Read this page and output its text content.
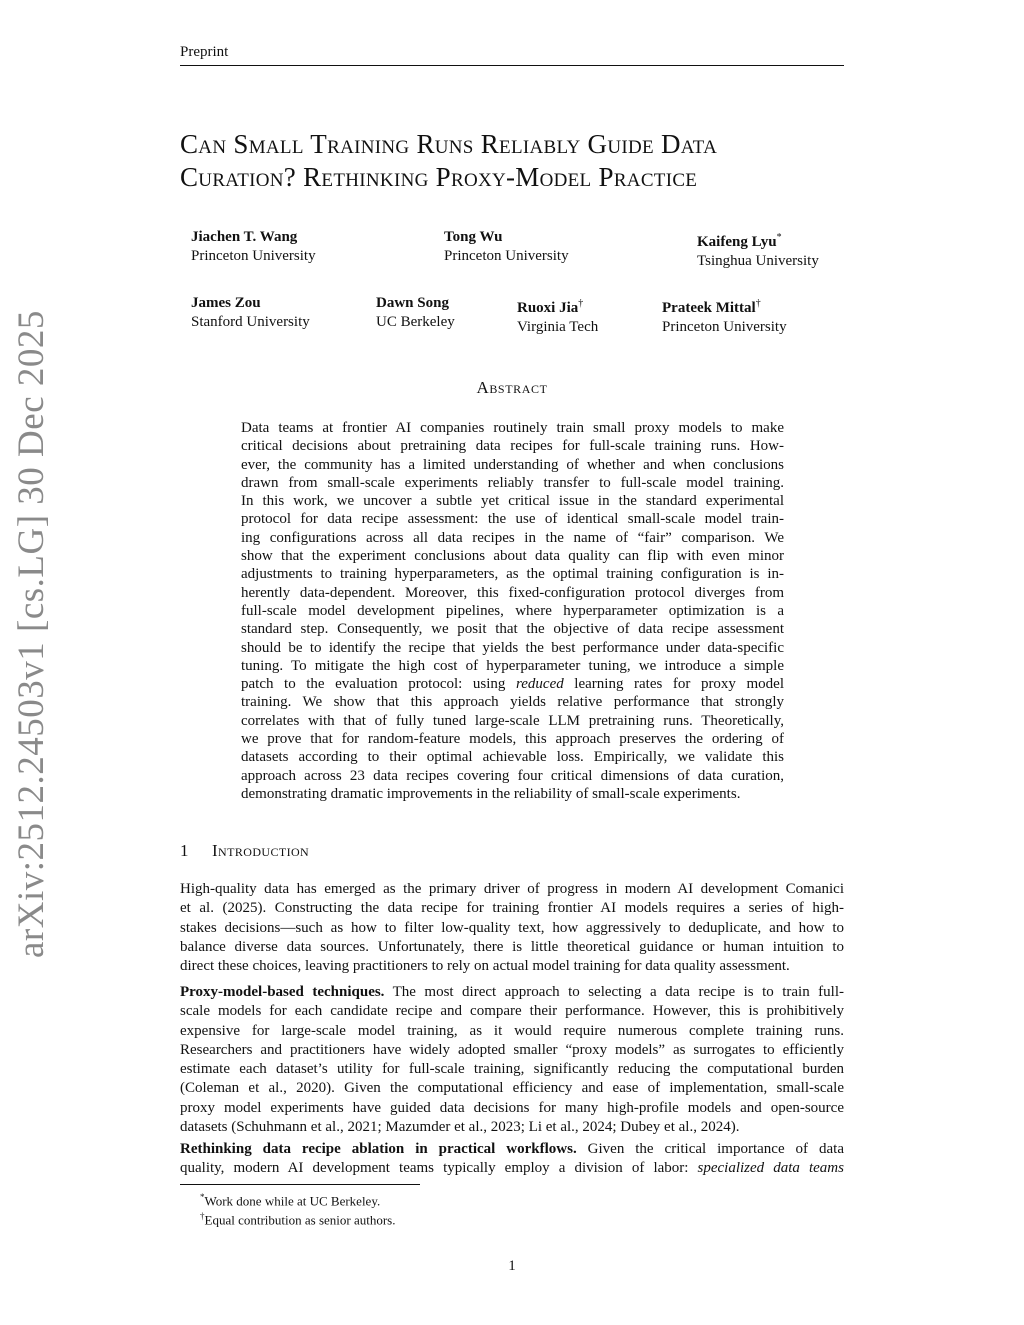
Preprint
Can Small Training Runs Reliably Guide Data
Curation? Rethinking Proxy-Model Practice
Jiachen T. Wang
Princeton University
Tong Wu
Princeton University
Kaifeng Lyu*
Tsinghua University
James Zou
Stanford University
Dawn Song
UC Berkeley
Ruoxi Jia†
Virginia Tech
Prateek Mittal†
Princeton University
Abstract
Data teams at frontier AI companies routinely train small proxy models to make
critical decisions about pretraining data recipes for full-scale training runs. How-
ever, the community has a limited understanding of whether and when conclusions
drawn from small-scale experiments reliably transfer to full-scale model training.
In this work, we uncover a subtle yet critical issue in the standard experimental
protocol for data recipe assessment: the use of identical small-scale model train-
ing configurations across all data recipes in the name of “fair” comparison. We
show that the experiment conclusions about data quality can flip with even minor
adjustments to training hyperparameters, as the optimal training configuration is in-
herently data-dependent. Moreover, this fixed-configuration protocol diverges from
full-scale model development pipelines, where hyperparameter optimization is a
standard step. Consequently, we posit that the objective of data recipe assessment
should be to identify the recipe that yields the best performance under data-specific
tuning. To mitigate the high cost of hyperparameter tuning, we introduce a simple
patch to the evaluation protocol: using reduced learning rates for proxy model
training. We show that this approach yields relative performance that strongly
correlates with that of fully tuned large-scale LLM pretraining runs. Theoretically,
we prove that for random-feature models, this approach preserves the ordering of
datasets according to their optimal achievable loss. Empirically, we validate this
approach across 23 data recipes covering four critical dimensions of data curation,
demonstrating dramatic improvements in the reliability of small-scale experiments.
1 Introduction
High-quality data has emerged as the primary driver of progress in modern AI development Comanici
et al. (2025). Constructing the data recipe for training frontier AI models requires a series of high-
stakes decisions—such as how to filter low-quality text, how aggressively to deduplicate, and how to
balance diverse data sources. Unfortunately, there is little theoretical guidance or human intuition to
direct these choices, leaving practitioners to rely on actual model training for data quality assessment.
Proxy-model-based techniques. The most direct approach to selecting a data recipe is to train full-
scale models for each candidate recipe and compare their performance. However, this is prohibitively
expensive for large-scale model training, as it would require numerous complete training runs.
Researchers and practitioners have widely adopted smaller “proxy models” as surrogates to efficiently
estimate each dataset’s utility for full-scale training, significantly reducing the computational burden
(Coleman et al., 2020). Given the computational efficiency and ease of implementation, small-scale
proxy model experiments have guided data decisions for many high-profile models and open-source
datasets (Schuhmann et al., 2021; Mazumder et al., 2023; Li et al., 2024; Dubey et al., 2024).
Rethinking data recipe ablation in practical workflows. Given the critical importance of data
quality, modern AI development teams typically employ a division of labor: specialized data teams
*Work done while at UC Berkeley.
†Equal contribution as senior authors.
1
arXiv:2512.24503v1 [cs.LG] 30 Dec 2025
